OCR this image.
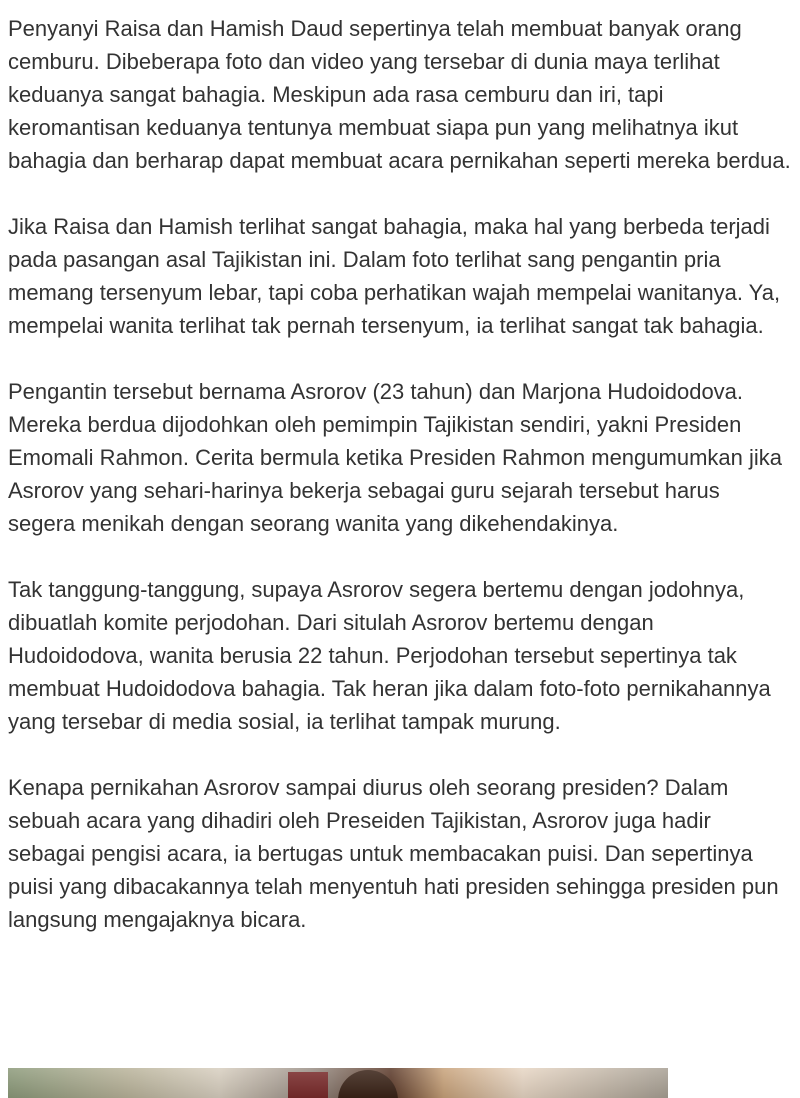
Penyanyi Raisa dan Hamish Daud sepertinya telah membuat banyak orang cemburu. Dibeberapa foto dan video yang tersebar di dunia maya terlihat keduanya sangat bahagia. Meskipun ada rasa cemburu dan iri, tapi keromantisan keduanya tentunya membuat siapa pun yang melihatnya ikut bahagia dan berharap dapat membuat acara pernikahan seperti mereka berdua.

Jika Raisa dan Hamish terlihat sangat bahagia, maka hal yang berbeda terjadi pada pasangan asal Tajikistan ini. Dalam foto terlihat sang pengantin pria memang tersenyum lebar, tapi coba perhatikan wajah mempelai wanitanya. Ya, mempelai wanita terlihat tak pernah tersenyum, ia terlihat sangat tak bahagia.

Pengantin tersebut bernama Asrorov (23 tahun) dan Marjona Hudoidodova. Mereka berdua dijodohkan oleh pemimpin Tajikistan sendiri, yakni Presiden Emomali Rahmon. Cerita bermula ketika Presiden Rahmon mengumumkan jika Asrorov yang sehari-harinya bekerja sebagai guru sejarah tersebut harus segera menikah dengan seorang wanita yang dikehendakinya.

Tak tanggung-tanggung, supaya Asrorov segera bertemu dengan jodohnya, dibuatlah komite perjodohan. Dari situlah Asrorov bertemu dengan Hudoidodova, wanita berusia 22 tahun. Perjodohan tersebut sepertinya tak membuat Hudoidodova bahagia. Tak heran jika dalam foto-foto pernikahannya yang tersebar di media sosial, ia terlihat tampak murung.

Kenapa pernikahan Asrorov sampai diurus oleh seorang presiden? Dalam sebuah acara yang dihadiri oleh Preseiden Tajikistan, Asrorov juga hadir sebagai pengisi acara, ia bertugas untuk membacakan puisi. Dan sepertinya puisi yang dibacakannya telah menyentuh hati presiden sehingga presiden pun langsung mengajaknya bicara.
